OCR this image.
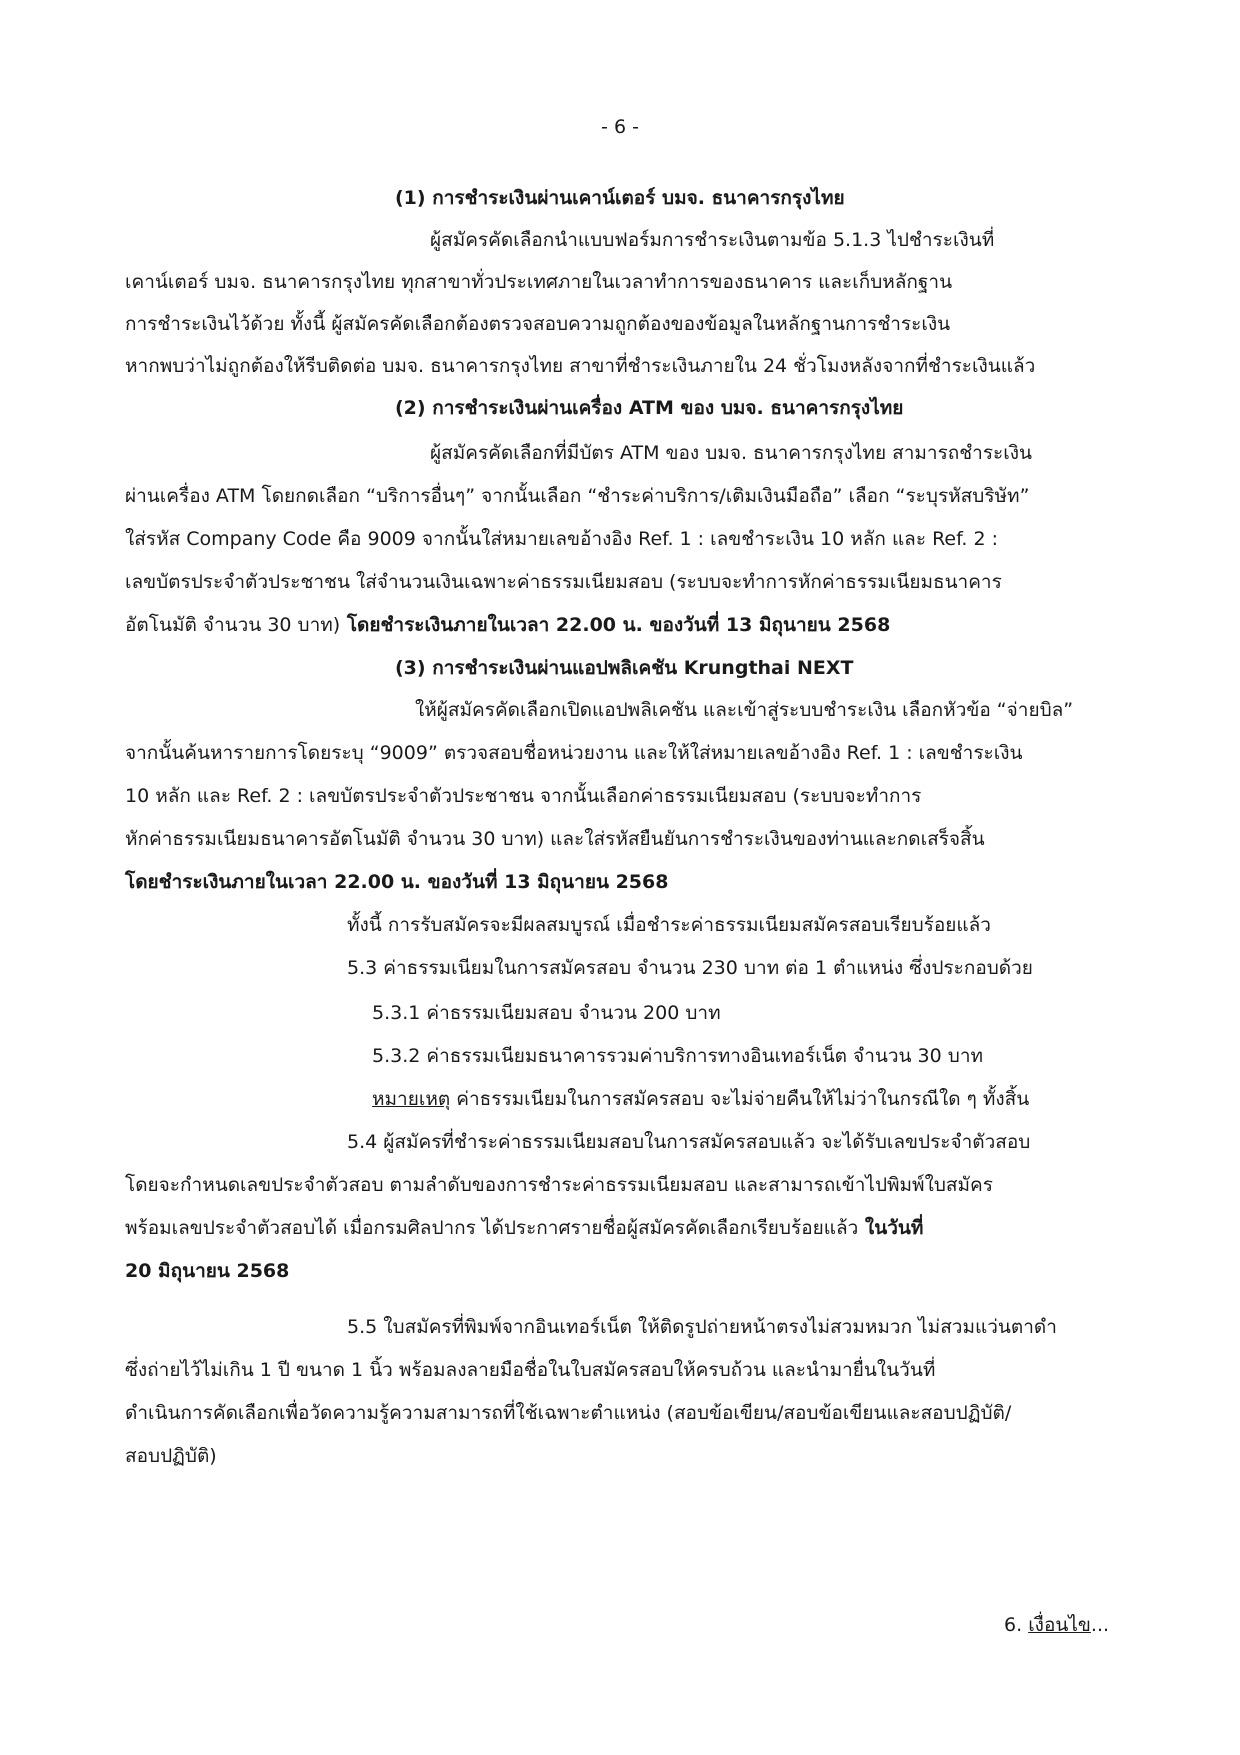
- 6 -

(1) การชำระเงินผ่านเคาน์เตอร์ บมจ. ธนาคารกรุงไทย

ผู้สมัครคัดเลือกนำแบบฟอร์มการชำระเงินตามข้อ 5.1.3 ไปชำระเงินที่

เคาน์เตอร์ บมจ. ธนาคารกรุงไทย ทุกสาขาทั่วประเทศภายในเวลาทำการของธนาคาร และเก็บหลักฐาน

การชำระเงินไว้ด้วย ทั้งนี้ ผู้สมัครคัดเลือกต้องตรวจสอบความถูกต้องของข้อมูลในหลักฐานการชำระเงิน

หากพบว่าไม่ถูกต้องให้รีบติดต่อ บมจ. ธนาคารกรุงไทย สาขาที่ชำระเงินภายใน 24 ชั่วโมงหลังจากที่ชำระเงินแล้ว

(2) การชำระเงินผ่านเครื่อง ATM ของ บมจ. ธนาคารกรุงไทย

ผู้สมัครคัดเลือกที่มีบัตร ATM ของ บมจ. ธนาคารกรุงไทย สามารถชำระเงิน

ผ่านเครื่อง ATM โดยกดเลือก “บริการอื่นๆ” จากนั้นเลือก “ชำระค่าบริการ/เติมเงินมือถือ” เลือก “ระบุรหัสบริษัท”

ใส่รหัส Company Code คือ 9009 จากนั้นใส่หมายเลขอ้างอิง Ref. 1 : เลขชำระเงิน 10 หลัก และ Ref. 2 :

เลขบัตรประจำตัวประชาชน ใส่จำนวนเงินเฉพาะค่าธรรมเนียมสอบ (ระบบจะทำการหักค่าธรรมเนียมธนาคาร

อัตโนมัติ จำนวน 30 บาท) โดยชำระเงินภายในเวลา 22.00 น. ของวันที่ 13 มิถุนายน 2568

(3) การชำระเงินผ่านแอปพลิเคชัน Krungthai NEXT

ให้ผู้สมัครคัดเลือกเปิดแอปพลิเคชัน และเข้าสู่ระบบชำระเงิน เลือกหัวข้อ “จ่ายบิล”

จากนั้นค้นหารายการโดยระบุ “9009” ตรวจสอบชื่อหน่วยงาน และให้ใส่หมายเลขอ้างอิง Ref. 1 : เลขชำระเงิน

10 หลัก และ Ref. 2 : เลขบัตรประจำตัวประชาชน จากนั้นเลือกค่าธรรมเนียมสอบ (ระบบจะทำการ

หักค่าธรรมเนียมธนาคารอัตโนมัติ จำนวน 30 บาท) และใส่รหัสยืนยันการชำระเงินของท่านและกดเสร็จสิ้น

โดยชำระเงินภายในเวลา 22.00 น. ของวันที่ 13 มิถุนายน 2568

ทั้งนี้ การรับสมัครจะมีผลสมบูรณ์ เมื่อชำระค่าธรรมเนียมสมัครสอบเรียบร้อยแล้ว

5.3 ค่าธรรมเนียมในการสมัครสอบ จำนวน 230 บาท ต่อ 1 ตำแหน่ง ซึ่งประกอบด้วย

5.3.1 ค่าธรรมเนียมสอบ จำนวน 200 บาท

5.3.2 ค่าธรรมเนียมธนาคารรวมค่าบริการทางอินเทอร์เน็ต จำนวน 30 บาท

หมายเหตุ ค่าธรรมเนียมในการสมัครสอบ จะไม่จ่ายคืนให้ไม่ว่าในกรณีใด ๆ ทั้งสิ้น

5.4 ผู้สมัครที่ชำระค่าธรรมเนียมสอบในการสมัครสอบแล้ว จะได้รับเลขประจำตัวสอบ

โดยจะกำหนดเลขประจำตัวสอบ ตามลำดับของการชำระค่าธรรมเนียมสอบ และสามารถเข้าไปพิมพ์ใบสมัคร

พร้อมเลขประจำตัวสอบได้ เมื่อกรมศิลปากร ได้ประกาศรายชื่อผู้สมัครคัดเลือกเรียบร้อยแล้ว ในวันที่

20 มิถุนายน 2568

5.5 ใบสมัครที่พิมพ์จากอินเทอร์เน็ต ให้ติดรูปถ่ายหน้าตรงไม่สวมหมวก ไม่สวมแว่นตาดำ

ซึ่งถ่ายไว้ไม่เกิน 1 ปี ขนาด 1 นิ้ว พร้อมลงลายมือชื่อในใบสมัครสอบให้ครบถ้วน และนำมายื่นในวันที่

ดำเนินการคัดเลือกเพื่อวัดความรู้ความสามารถที่ใช้เฉพาะตำแหน่ง (สอบข้อเขียน/สอบข้อเขียนและสอบปฏิบัติ/

สอบปฏิบัติ)

6. เงื่อนไข...
